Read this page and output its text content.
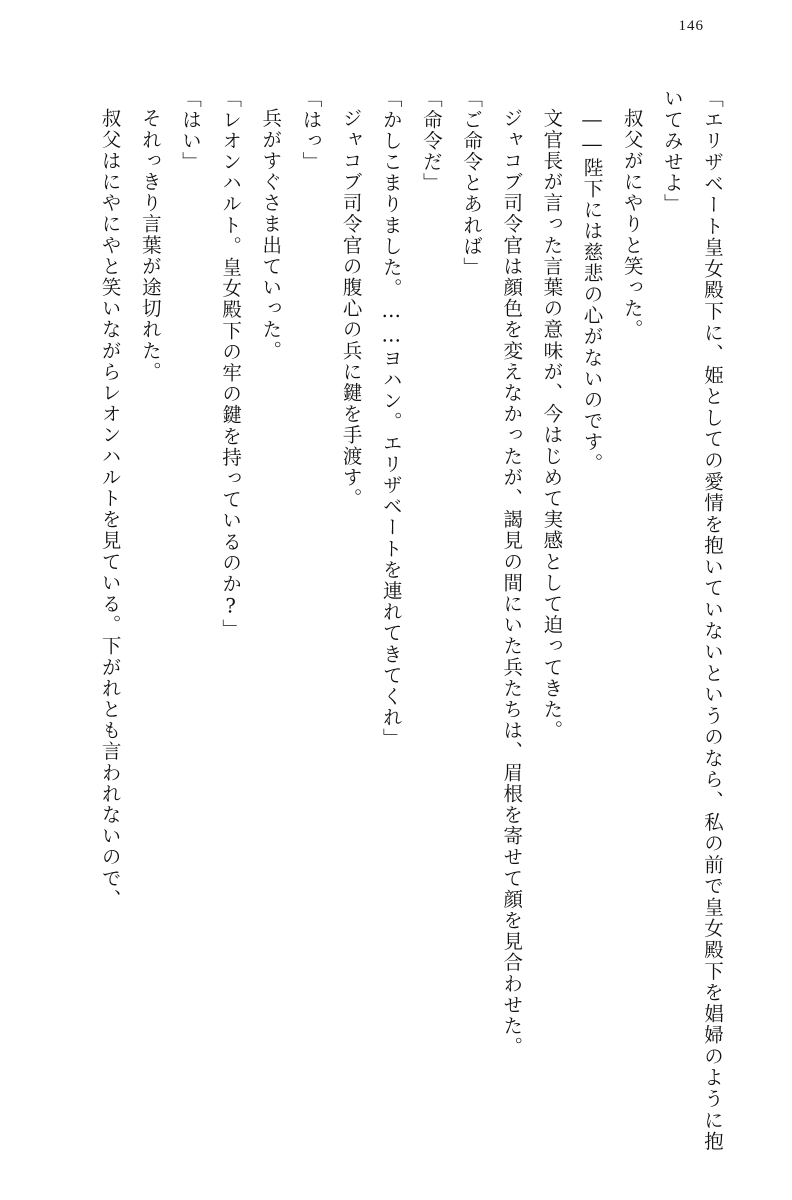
146

「エリザベート皇女殿下に、姫としての愛情を抱いていないというのなら、私の前で皇女殿下を娼婦のように抱いてみせよ」

叔父がにやりと笑った。

――陛下には慈悲の心がないのです。

文官長が言った言葉の意味が、今はじめて実感として迫ってきた。

ジャコブ司令官は顔色を変えなかったが、謁見の間にいた兵たちは、眉根を寄せて顔を見合わせた。

「ご命令とあれば」

「命令だ」

「かしこまりました。……ヨハン。エリザベートを連れてきてくれ」

ジャコブ司令官の腹心の兵に鍵を手渡す。

「はっ」

兵がすぐさま出ていった。

「レオンハルト。皇女殿下の牢の鍵を持っているのか?」

「はい」

それっきり言葉が途切れた。

叔父はにやにやと笑いながらレオンハルトを見ている。下がれとも言われないので、
